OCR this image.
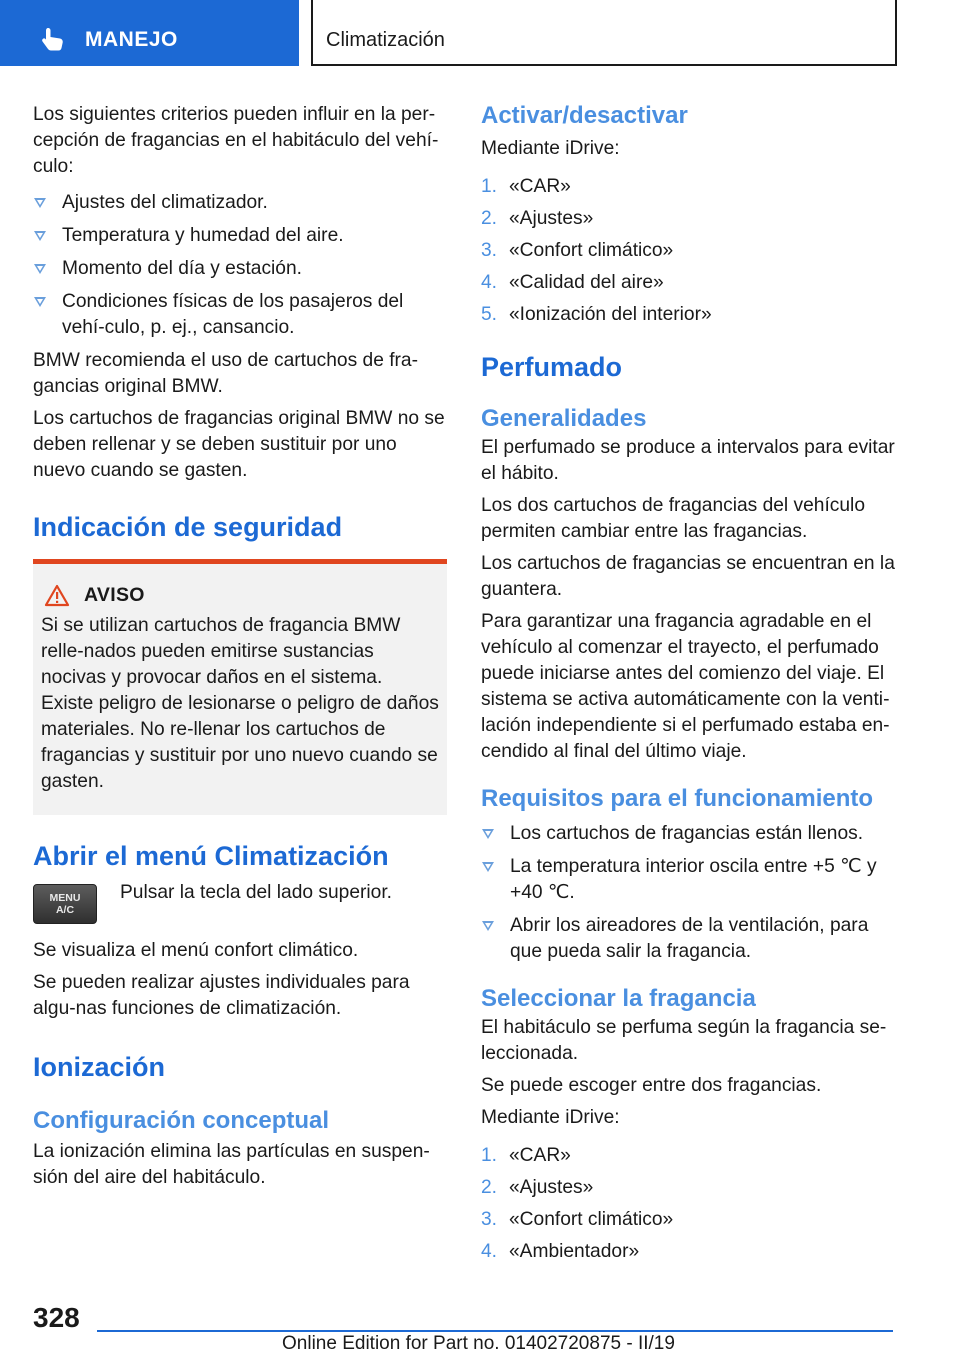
MANEJO	Climatización

Los siguientes criterios pueden influir en la per-cepción de fragancias en el habitáculo del vehí-culo:

Ajustes del climatizador.
Temperatura y humedad del aire.
Momento del día y estación.
Condiciones físicas de los pasajeros del vehí-culo, p. ej., cansancio.

BMW recomienda el uso de cartuchos de fra-gancias original BMW.

Los cartuchos de fragancias original BMW no se deben rellenar y se deben sustituir por uno nuevo cuando se gasten.

Indicación de seguridad
AVISO

Si se utilizan cartuchos de fragancia BMW relle-nados pueden emitirse sustancias nocivas y provocar daños en el sistema. Existe peligro de lesionarse o peligro de daños materiales. No re-llenar los cartuchos de fragancias y sustituir por uno nuevo cuando se gasten.

Abrir el menú Climatización
MENU
A/C
Pulsar la tecla del lado superior.

Se visualiza el menú confort climático.

Se pueden realizar ajustes individuales para algu-nas funciones de climatización.

Ionización
Configuración conceptual

La ionización elimina las partículas en suspen-sión del aire del habitáculo.

Activar/desactivar

Mediante iDrive:

1. «CAR»
2. «Ajustes»
3. «Confort climático»
4. «Calidad del aire»
5. «Ionización del interior»
Perfumado
Generalidades

El perfumado se produce a intervalos para evitar el hábito.

Los dos cartuchos de fragancias del vehículo permiten cambiar entre las fragancias.

Los cartuchos de fragancias se encuentran en la guantera.

Para garantizar una fragancia agradable en el vehículo al comenzar el trayecto, el perfumado puede iniciarse antes del comienzo del viaje. El sistema se activa automáticamente con la venti-lación independiente si el perfumado estaba en-cendido al final del último viaje.

Requisitos para el funcionamiento
Los cartuchos de fragancias están llenos.
La temperatura interior oscila entre +5 ℃ y +40 ℃.
Abrir los aireadores de la ventilación, para que pueda salir la fragancia.
Seleccionar la fragancia

El habitáculo se perfuma según la fragancia se-leccionada.

Se puede escoger entre dos fragancias.

Mediante iDrive:

1. «CAR»
2. «Ajustes»
3. «Confort climático»
4. «Ambientador»
328
Online Edition for Part no. 01402720875 - II/19
